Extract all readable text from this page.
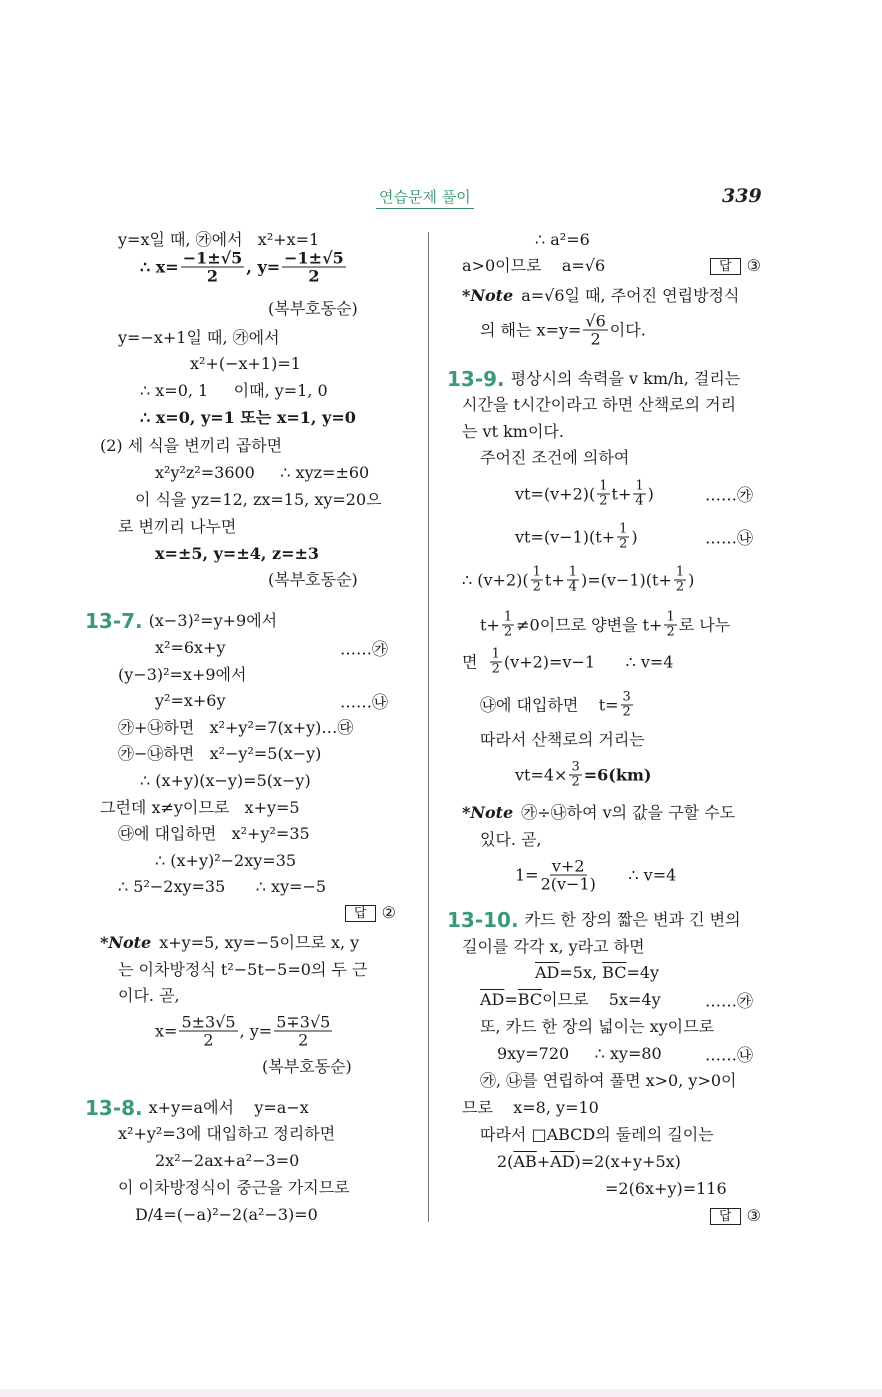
연습문제 풀이	339
y=x일 때, ㉮에서   x²+x=1
∴ $x= \frac{-1\pm√5}{2}$ , $y= \frac{-1\pm√5}{2}$
(복부호동순)
y=−x+1일 때, ㉮에서
x²+(−x+1)=1
∴ x=0, 1     이때, y=1, 0
∴ x=0, y=1 또는 x=1, y=0
(2) 세 식을 변끼리 곱하면
x²y²z²=3600     ∴ xyz=±60
이 식을 yz=12, zx=15, xy=20으
로 변끼리 나누면
x=±5, y=±4, z=±3
(복부호동순)
13-7. (x−3)²=y+9에서
x²=6x+y	……㉮
(y−3)²=x+9에서
y²=x+6y	……㉯
㉮+㉯하면   x²+y²=7(x+y)…㉰
㉮−㉯하면   x²−y²=5(x−y)
∴ (x+y)(x−y)=5(x−y)
그런데 x≠y이므로   x+y=5
㉰에 대입하면   x²+y²=35
∴ (x+y)²−2xy=35
∴ 5²−2xy=35      ∴ xy=−5
답 ②
*Note x+y=5, xy=−5이므로 x, y
는 이차방정식 t²−5t−5=0의 두 근
이다. 곧,
$x= \frac{5\pm 3√5}{2}$ , $y= \frac{5\mp 3√5}{2}$
(복부호동순)
13-8. x+y=a에서    y=a−x
x²+y²=3에 대입하고 정리하면
2x²−2ax+a²−3=0
이 이차방정식이 중근을 가지므로
D/4=(−a)²−2(a²−3)=0
∴ a²=6
a>0이므로    a=√6	답 ③
*Note a=√6일 때, 주어진 연립방정식
의 해는 $x=y= \frac{√6}{2}$ 이다.
13-9. 평상시의 속력을 v km/h, 걸리는
시간을 t시간이라고 하면 산책로의 거리
는 vt km이다.
주어진 조건에 의하여
$vt=(v+2)( \frac{1}{2} t+ \frac{1}{4}$ )	……㉮
$vt=(v-1)(t+ \frac{1}{2}$ )	……㉯
∴ $(v+2)( \frac{1}{2} t+ \frac{1}{4} )=(v-1)(t+ \frac{1}{2}$ )
$t+ \frac{1}{2} \ne 0$이므로 양변을 $t+ \frac{1}{2}$ 로 나누
면 $\frac{1}{2} (v+2)=v-1$      ∴ v=4
㉯에 대입하면    $t= \frac{3}{2}$
따라서 산책로의 거리는
$vt=4\times \frac{3}{2} =6(km)$
*Note ㉮÷㉯하여 v의 값을 구할 수도
있다. 곧,
$1= \frac{v+2}{2(v-1)}$ ∴ v=4
13-10. 카드 한 장의 짧은 변과 긴 변의
길이를 각각 x, y라고 하면
$\overline{AD} =5x$, $\overline{BC} =4y$
$\overline{AD} = \overline{BC}$ 이므로    5x=4y	……㉮
또, 카드 한 장의 넓이는 xy이므로
9xy=720     ∴ xy=80	……㉯
㉮, ㉯를 연립하여 풀면 x>0, y>0이
므로    x=8, y=10
따라서 □ABCD의 둘레의 길이는
2( $\overline{AB} + \overline{AD}$ )=2(x+y+5x)
=2(6x+y)=116
답 ③
